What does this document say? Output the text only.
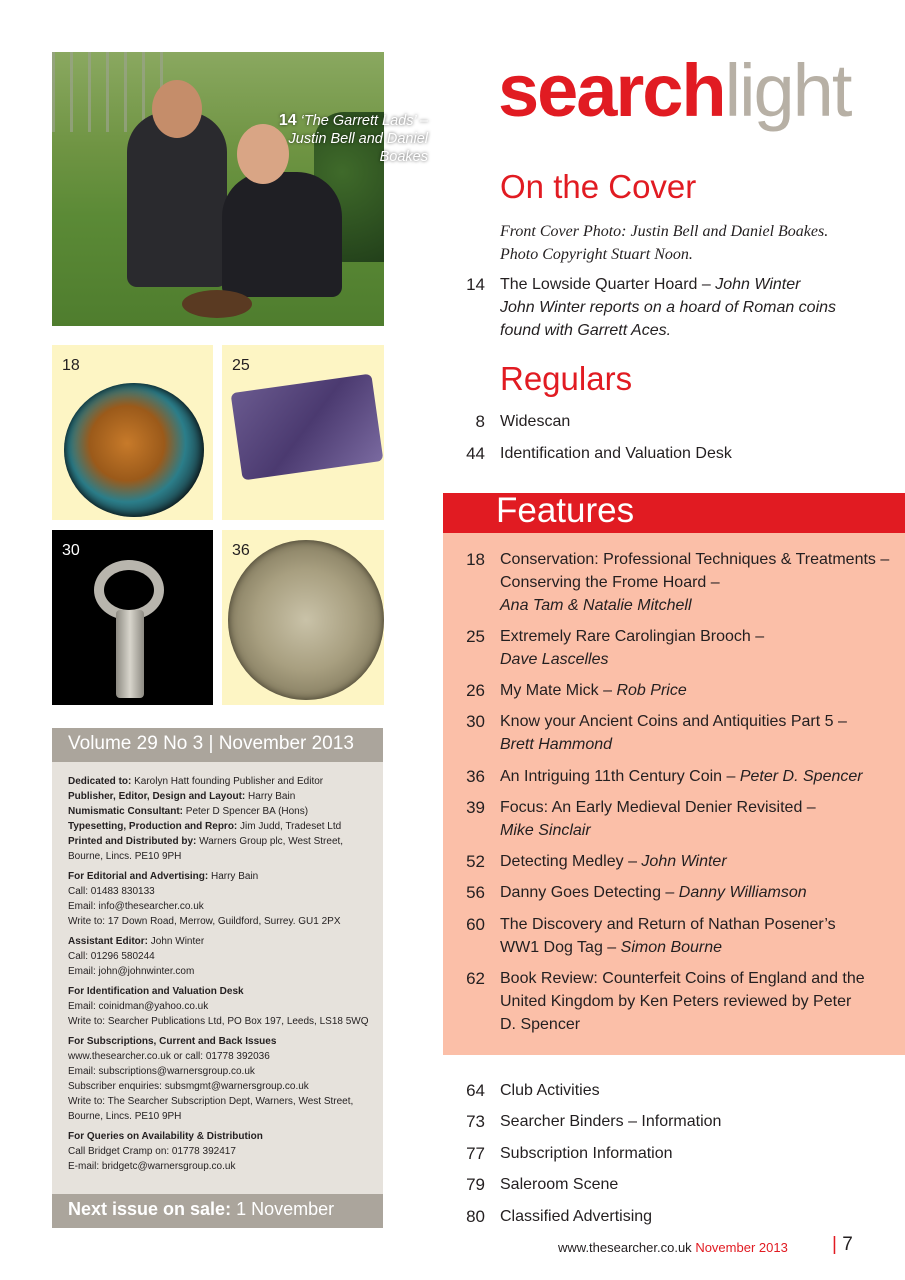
14 ‘The Garrett Lads’ – Justin Bell and Daniel Boakes
18	25
30	36
Volume 29 No 3 | November 2013

Dedicated to: Karolyn Hatt founding Publisher and Editor

Publisher, Editor, Design and Layout: Harry Bain

Numismatic Consultant: Peter D Spencer BA (Hons)

Typesetting, Production and Repro: Jim Judd, Tradeset Ltd

Printed and Distributed by: Warners Group plc, West Street, Bourne, Lincs. PE10 9PH

For Editorial and Advertising: Harry Bain
Call: 01483 830133
Email: info@thesearcher.co.uk
Write to: 17 Down Road, Merrow, Guildford, Surrey. GU1 2PX

Assistant Editor: John Winter
Call: 01296 580244
Email: john@johnwinter.com

For Identification and Valuation Desk
Email: coinidman@yahoo.co.uk
Write to: Searcher Publications Ltd, PO Box 197, Leeds, LS18 5WQ

For Subscriptions, Current and Back Issues
www.thesearcher.co.uk or call: 01778 392036
Email: subscriptions@warnersgroup.co.uk
Subscriber enquiries: subsmgmt@warnersgroup.co.uk
Write to: The Searcher Subscription Dept, Warners, West Street, Bourne, Lincs. PE10 9PH

For Queries on Availability & Distribution
Call Bridget Cramp on: 01778 392417
E-mail: bridgetc@warnersgroup.co.uk

Next issue on sale: 1 November
searchlight
On the Cover
Front Cover Photo: Justin Bell and Daniel Boakes. Photo Copyright Stuart Noon.
14 The Lowside Quarter Hoard – John Winter
John Winter reports on a hoard of Roman coins found with Garrett Aces.
Regulars
8 Widescan
44 Identification and Valuation Desk
Features
18 Conservation: Professional Techniques & Treatments – Conserving the Frome Hoard –
Ana Tam & Natalie Mitchell
25 Extremely Rare Carolingian Brooch –
Dave Lascelles
26 My Mate Mick – Rob Price
30 Know your Ancient Coins and Antiquities Part 5 –
Brett Hammond
36 An Intriguing 11th Century Coin – Peter D. Spencer
39 Focus: An Early Medieval Denier Revisited –
Mike Sinclair
52 Detecting Medley – John Winter
56 Danny Goes Detecting – Danny Williamson
60 The Discovery and Return of Nathan Posener’s WW1 Dog Tag – Simon Bourne
62 Book Review: Counterfeit Coins of England and the United Kingdom by Ken Peters reviewed by Peter D. Spencer
64 Club Activities
73 Searcher Binders – Information
77 Subscription Information
79 Saleroom Scene
80 Classified Advertising
www.thesearcher.co.uk November 2013 | 7
